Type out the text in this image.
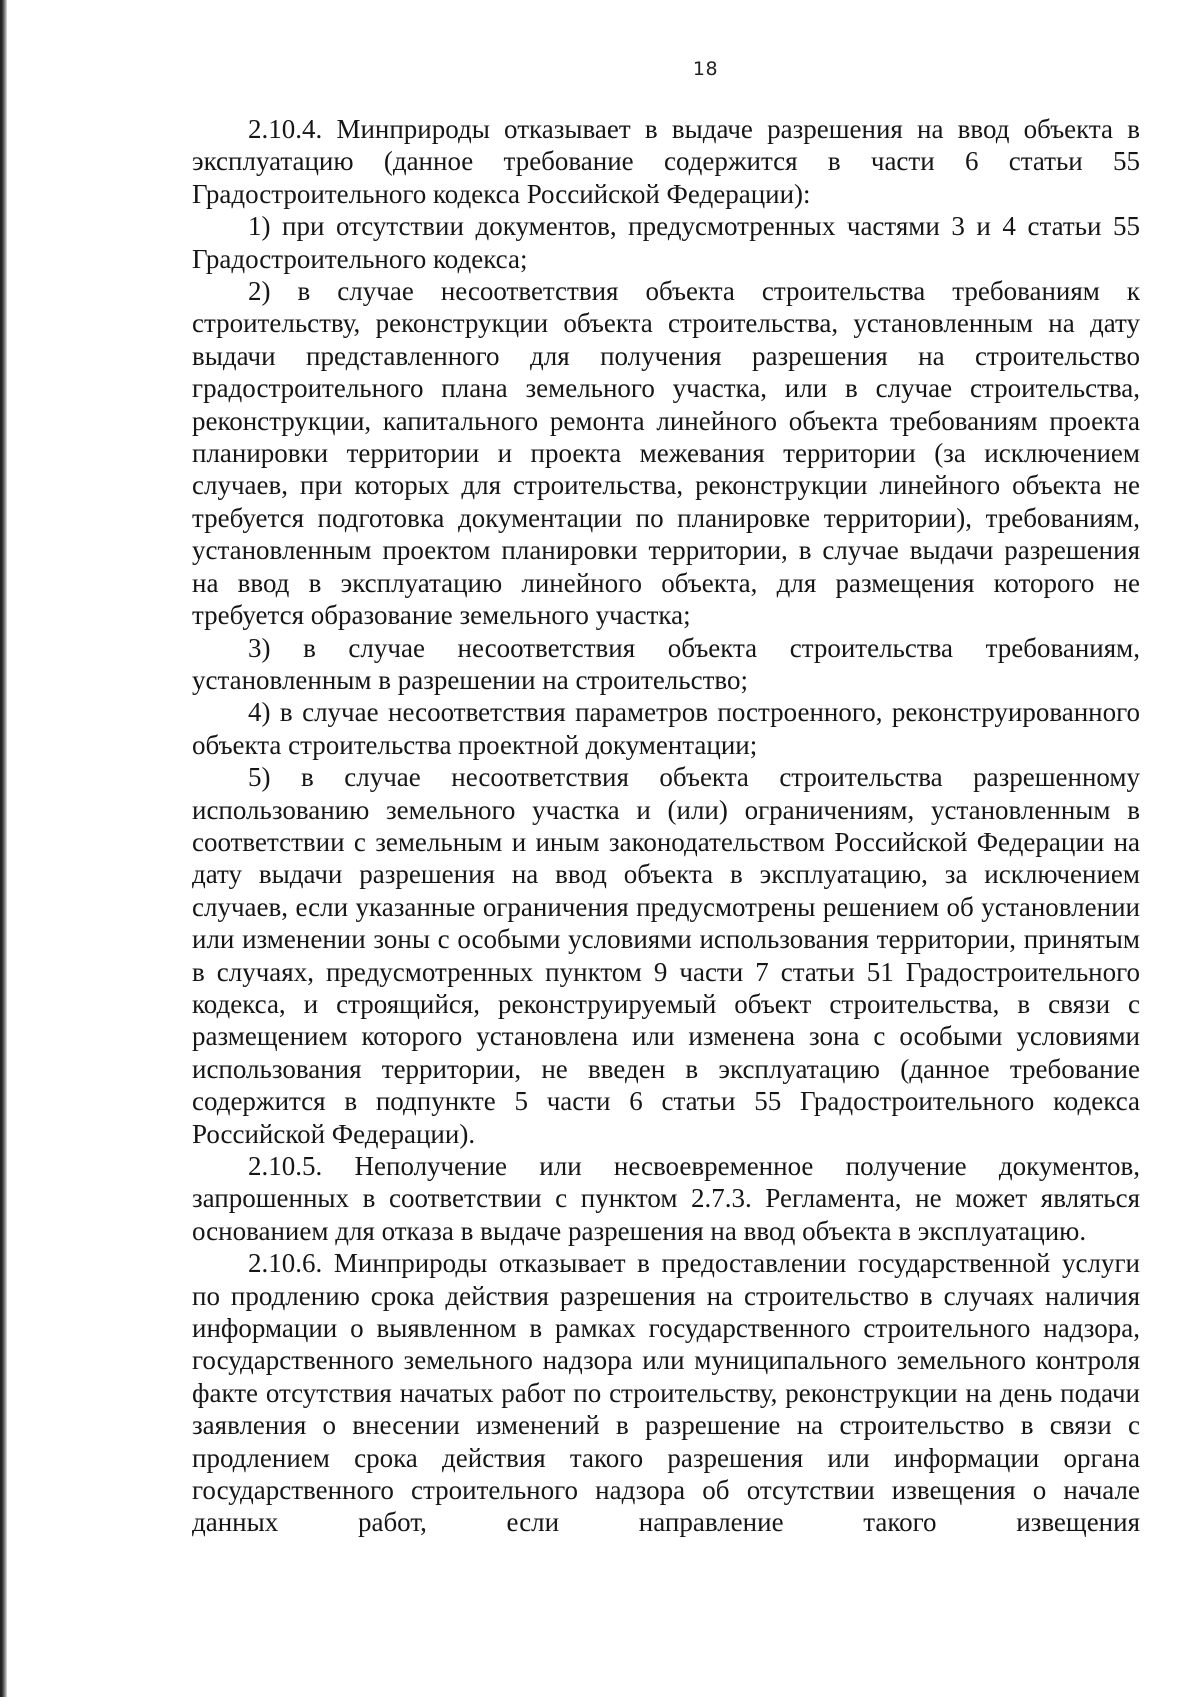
18

2.10.4. Минприроды отказывает в выдаче разрешения на ввод объекта в эксплуатацию (данное требование содержится в части 6 статьи 55 Градостроительного кодекса Российской Федерации):

1) при отсутствии документов, предусмотренных частями 3 и 4 статьи 55 Градостроительного кодекса;

2) в случае несоответствия объекта строительства требованиям к строительству, реконструкции объекта строительства, установленным на дату выдачи представленного для получения разрешения на строительство градостроительного плана земельного участка, или в случае строительства, реконструкции, капитального ремонта линейного объекта требованиям проекта планировки территории и проекта межевания территории (за исключением случаев, при которых для строительства, реконструкции линейного объекта не требуется подготовка документации по планировке территории), требованиям, установленным проектом планировки территории, в случае выдачи разрешения на ввод в эксплуатацию линейного объекта, для размещения которого не требуется образование земельного участка;

3) в случае несоответствия объекта строительства требованиям, установленным в разрешении на строительство;

4) в случае несоответствия параметров построенного, реконструированного объекта строительства проектной документации;

5) в случае несоответствия объекта строительства разрешенному использованию земельного участка и (или) ограничениям, установленным в соответствии с земельным и иным законодательством Российской Федерации на дату выдачи разрешения на ввод объекта в эксплуатацию, за исключением случаев, если указанные ограничения предусмотрены решением об установлении или изменении зоны с особыми условиями использования территории, принятым в случаях, предусмотренных пунктом 9 части 7 статьи 51 Градостроительного кодекса, и строящийся, реконструируемый объект строительства, в связи с размещением которого установлена или изменена зона с особыми условиями использования территории, не введен в эксплуатацию (данное требование содержится в подпункте 5 части 6 статьи 55 Градостроительного кодекса Российской Федерации).

2.10.5. Неполучение или несвоевременное получение документов, запрошенных в соответствии с пунктом 2.7.3. Регламента, не может являться основанием для отказа в выдаче разрешения на ввод объекта в эксплуатацию.

2.10.6. Минприроды отказывает в предоставлении государственной услуги по продлению срока действия разрешения на строительство в случаях наличия информации о выявленном в рамках государственного строительного надзора, государственного земельного надзора или муниципального земельного контроля факте отсутствия начатых работ по строительству, реконструкции на день подачи заявления о внесении изменений в разрешение на строительство в связи с продлением срока действия такого разрешения или информации органа государственного строительного надзора об отсутствии извещения о начале данных работ, если направление такого извещения
